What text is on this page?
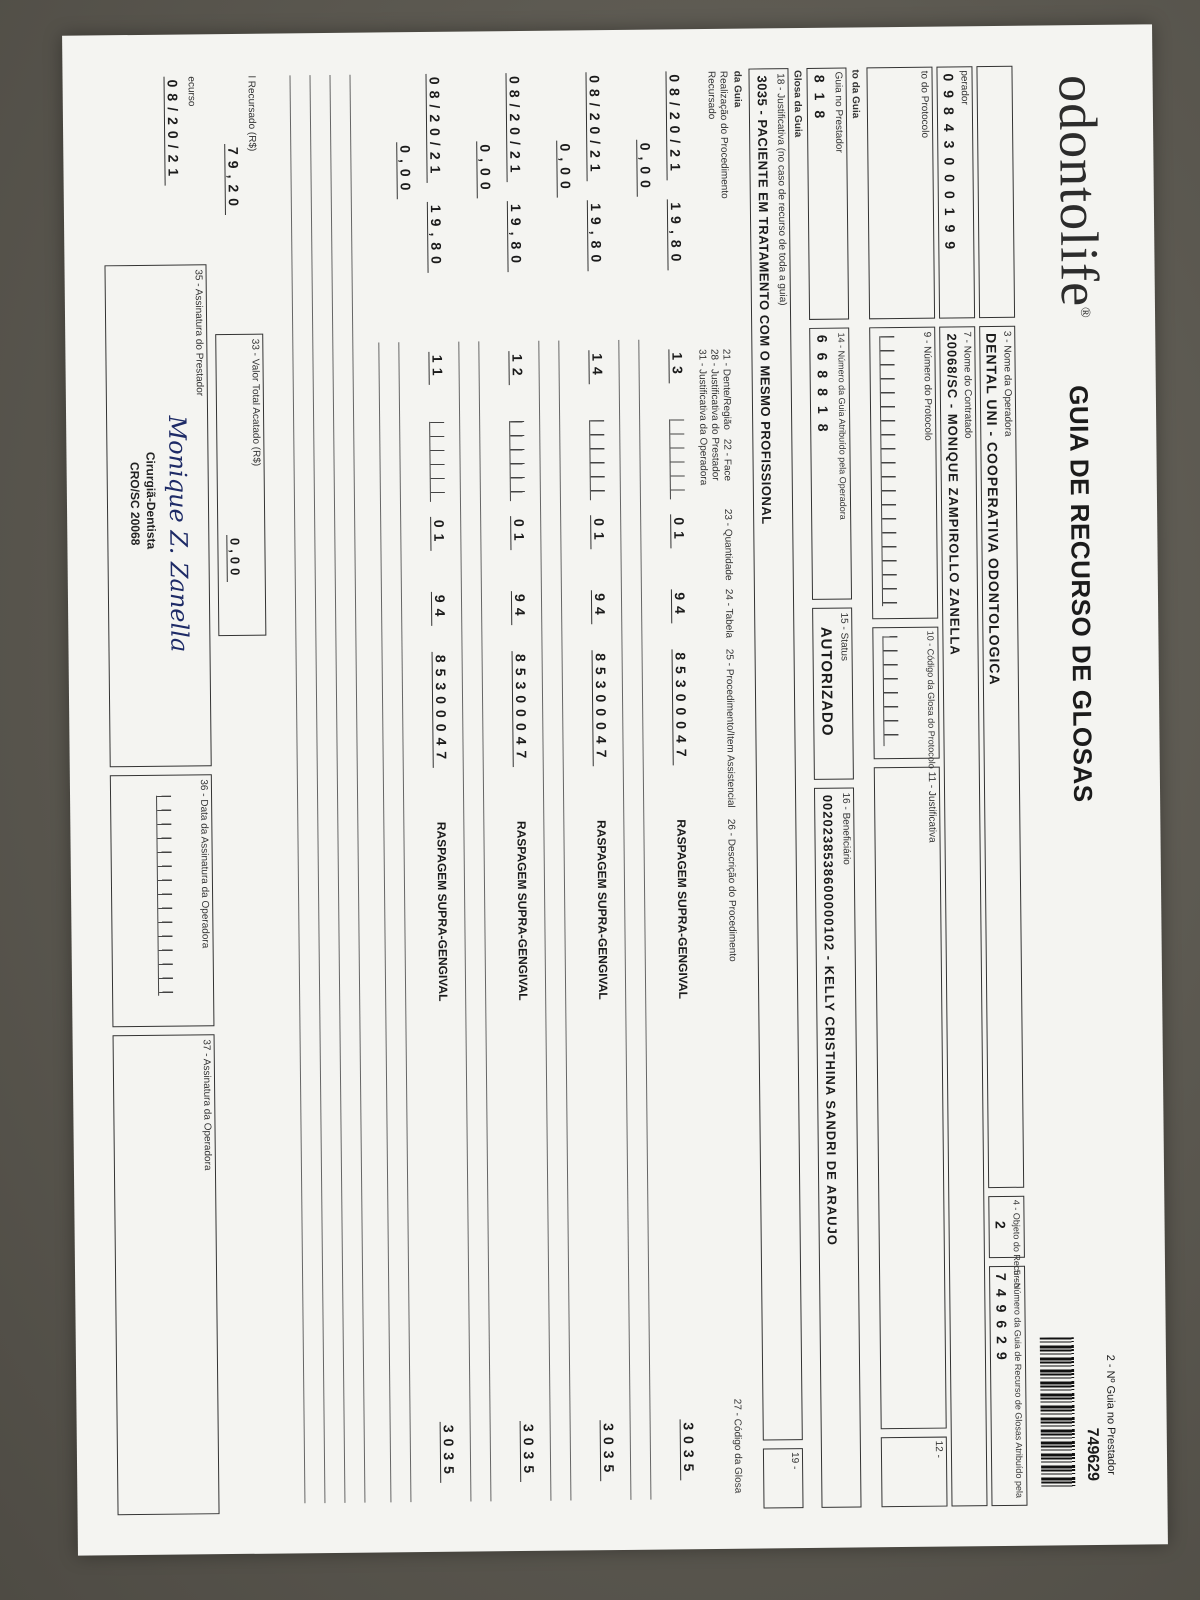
odontolife®
GUIA DE RECURSO DE GLOSAS
2 - Nº Guia no Prestador
749629
3 - Nome da Operadora
DENTAL UNI - COOPERATIVA ODONTOLOGICA
4 - Objeto do Recurso
2
5 - Número da Guia de Recurso de Glosas Atribuído pela
749629
perador
09843000199
7 - Nome do Contratado
20068/SC - MONIQUE ZAMPIROLLO ZANELLA
to do Protocolo
9 - Número do Protocolo
10 - Código da Glosa do Protocolo
11 - Justificativa
12 -
to da Guia
Guia no Prestador
818
14 - Número da Guia Atribuído pela Operadora
668818
15 - Status
AUTORIZADO
16 - Beneficiário
0020238538600000102 - KELLY CRISTHINA SANDRI DE ARAUJO
Glosa da Guia
18 - Justificativa (no caso de recurso de toda a guia)
3035 - PACIENTE EM TRATAMENTO COM O MESMO PROFISSIONAL
19 -
da Guia
Realização do Procedimento
Recursado
21 - Dente/Região
22 - Face
28 - Justificativa do Prestador
31 - Justificativa da Operadora
23 - Quantidade
24 - Tabela
25 - Procedimento/Item Assistencial
26 - Descrição do Procedimento
27 - Código da Glosa
08/20/21
19,80
13
01
94
85300047
RASPAGEM SUPRA-GENGIVAL
3035
0,00
08/20/21
19,80
14
01
94
85300047
RASPAGEM SUPRA-GENGIVAL
3035
0,00
08/20/21
19,80
12
01
94
85300047
RASPAGEM SUPRA-GENGIVAL
3035
0,00
08/20/21
19,80
11
01
94
85300047
RASPAGEM SUPRA-GENGIVAL
3035
0,00
l Recursado (R$)
79,20
33 - Valor Total Acatado (R$)
0,00
ecurso
08/20/21
35 - Assinatura do Prestador
Monique Z. Zanella
Cirurgiã-Dentista
CRO/SC 20068
36 - Data da Assinatura da Operadora
37 - Assinatura da Operadora
